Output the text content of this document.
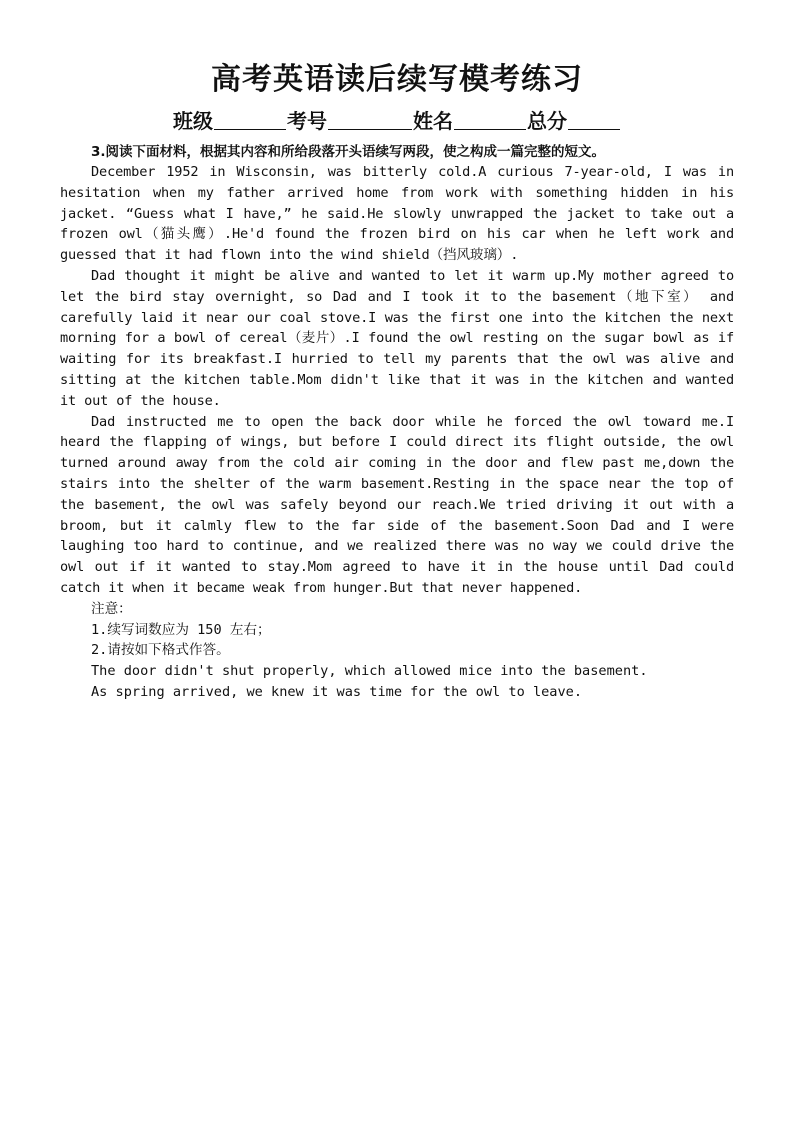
高考英语读后续写模考练习
班级	考号	姓名	总分
3.阅读下面材料，根据其内容和所给段落开头语续写两段，使之构成一篇完整的短文。

December 1952 in Wisconsin, was bitterly cold.A curious 7-year-old, I was in hesitation when my father arrived home from work with something hidden in his jacket. “Guess what I have,” he said.He slowly unwrapped the jacket to take out a frozen owl（猫头鹰）.He'd found the frozen bird on his car when he left work and guessed that it had flown into the wind shield（挡风玻璃）.

Dad thought it might be alive and wanted to let it warm up.My mother agreed to let the bird stay overnight, so Dad and I took it to the basement（地下室） and carefully laid it near our coal stove.I was the first one into the kitchen the next morning for a bowl of cereal（麦片）.I found the owl resting on the sugar bowl as if waiting for its breakfast.I hurried to tell my parents that the owl was alive and sitting at the kitchen table.Mom didn't like that it was in the kitchen and wanted it out of the house.

Dad instructed me to open the back door while he forced the owl toward me.I heard the flapping of wings, but before I could direct its flight outside, the owl turned around away from the cold air coming in the door and flew past me,down the stairs into the shelter of the warm basement.Resting in the space near the top of the basement, the owl was safely beyond our reach.We tried driving it out with a broom, but it calmly flew to the far side of the basement.Soon Dad and I were laughing too hard to continue, and we realized there was no way we could drive the owl out if it wanted to stay.Mom agreed to have it in the house until Dad could catch it when it became weak from hunger.But that never happened.

注意：
1.续写词数应为 150 左右；
2.请按如下格式作答。
The door didn't shut properly, which allowed mice into the basement.
As spring arrived, we knew it was time for the owl to leave.
